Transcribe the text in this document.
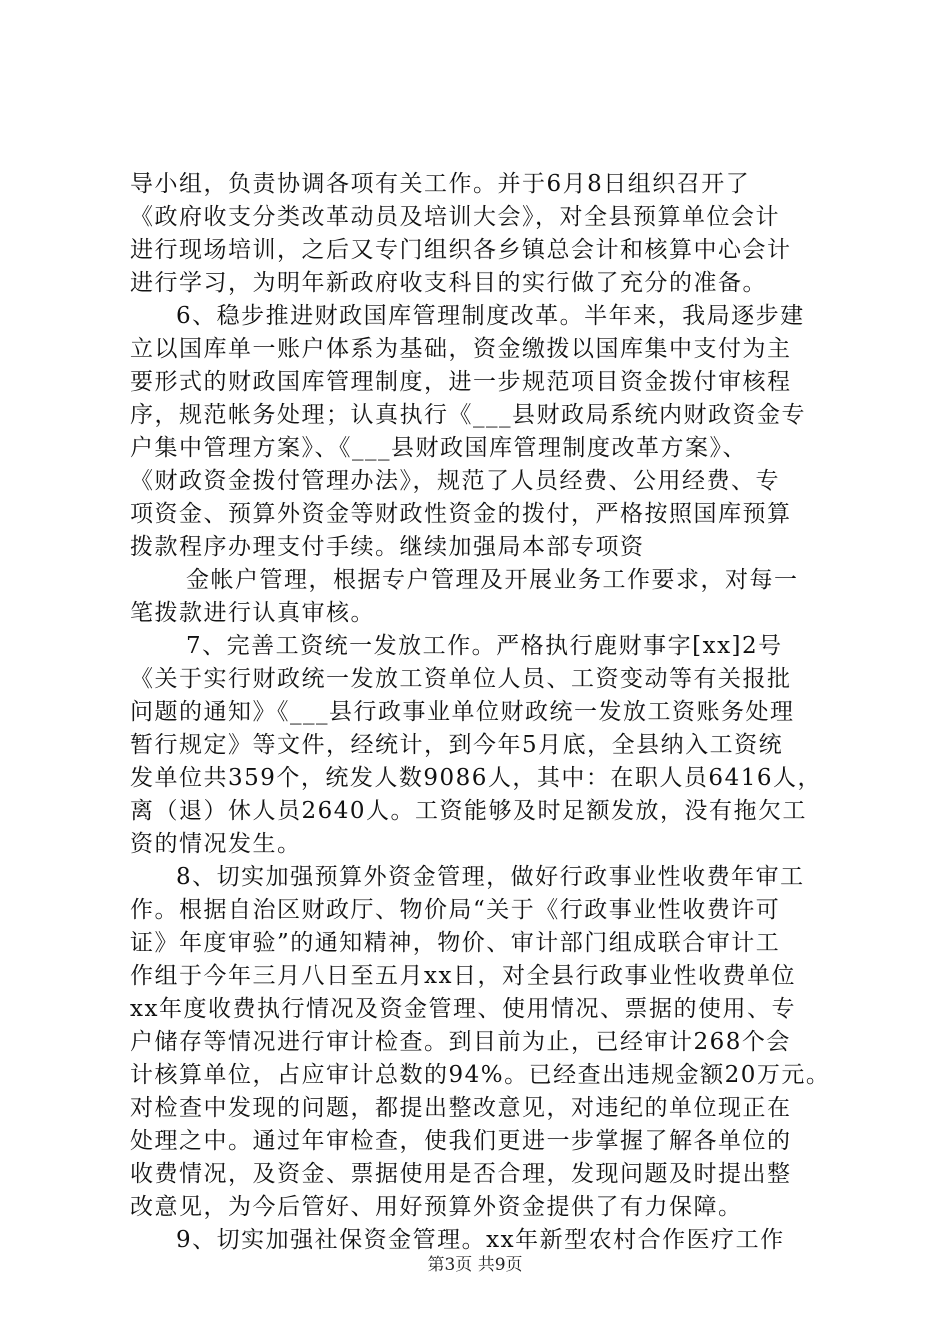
导小组，负责协调各项有关工作。并于6月8日组织召开了
《政府收支分类改革动员及培训大会》，对全县预算单位会计
进行现场培训，之后又专门组织各乡镇总会计和核算中心会计
进行学习，为明年新政府收支科目的实行做了充分的准备。
6、稳步推进财政国库管理制度改革。半年来，我局逐步建
立以国库单一账户体系为基础，资金缴拨以国库集中支付为主
要形式的财政国库管理制度，进一步规范项目资金拨付审核程
序，规范帐务处理；认真执行《___县财政局系统内财政资金专
户集中管理方案》、《___县财政国库管理制度改革方案》、
《财政资金拨付管理办法》，规范了人员经费、公用经费、专
项资金、预算外资金等财政性资金的拨付，严格按照国库预算
拨款程序办理支付手续。继续加强局本部专项资
金帐户管理，根据专户管理及开展业务工作要求，对每一
笔拨款进行认真审核。
7、完善工资统一发放工作。严格执行鹿财事字[xx]2号
《关于实行财政统一发放工资单位人员、工资变动等有关报批
问题的通知》《___县行政事业单位财政统一发放工资账务处理
暂行规定》等文件，经统计，到今年5月底，全县纳入工资统
发单位共359个，统发人数9086人，其中：在职人员6416人，
离（退）休人员2640人。工资能够及时足额发放，没有拖欠工
资的情况发生。
8、切实加强预算外资金管理，做好行政事业性收费年审工
作。根据自治区财政厅、物价局“关于《行政事业性收费许可
证》年度审验”的通知精神，物价、审计部门组成联合审计工
作组于今年三月八日至五月xx日，对全县行政事业性收费单位
xx年度收费执行情况及资金管理、使用情况、票据的使用、专
户储存等情况进行审计检查。到目前为止，已经审计268个会
计核算单位，占应审计总数的94%。已经查出违规金额20万元。
对检查中发现的问题，都提出整改意见，对违纪的单位现正在
处理之中。通过年审检查，使我们更进一步掌握了解各单位的
收费情况，及资金、票据使用是否合理，发现问题及时提出整
改意见，为今后管好、用好预算外资金提供了有力保障。
9、切实加强社保资金管理。xx年新型农村合作医疗工作
第3页 共9页
